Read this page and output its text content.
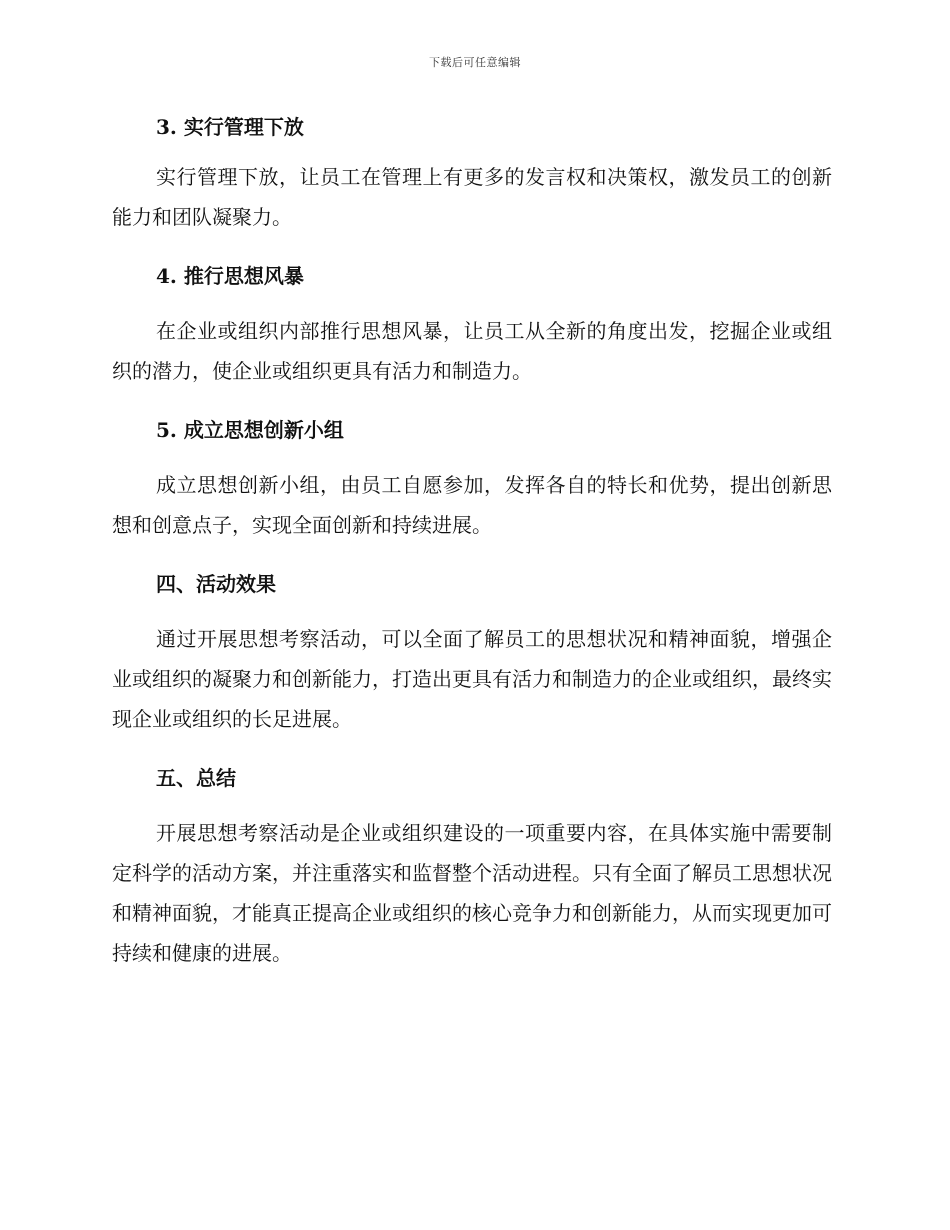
下载后可任意编辑
3. 实行管理下放

实行管理下放，让员工在管理上有更多的发言权和决策权，激发员工的创新能力和团队凝聚力。

4. 推行思想风暴

在企业或组织内部推行思想风暴，让员工从全新的角度出发，挖掘企业或组织的潜力，使企业或组织更具有活力和制造力。

5. 成立思想创新小组

成立思想创新小组，由员工自愿参加，发挥各自的特长和优势，提出创新思想和创意点子，实现全面创新和持续进展。

四、活动效果

通过开展思想考察活动，可以全面了解员工的思想状况和精神面貌，增强企业或组织的凝聚力和创新能力，打造出更具有活力和制造力的企业或组织，最终实现企业或组织的长足进展。

五、总结

开展思想考察活动是企业或组织建设的一项重要内容，在具体实施中需要制定科学的活动方案，并注重落实和监督整个活动进程。只有全面了解员工思想状况和精神面貌，才能真正提高企业或组织的核心竞争力和创新能力，从而实现更加可持续和健康的进展。
